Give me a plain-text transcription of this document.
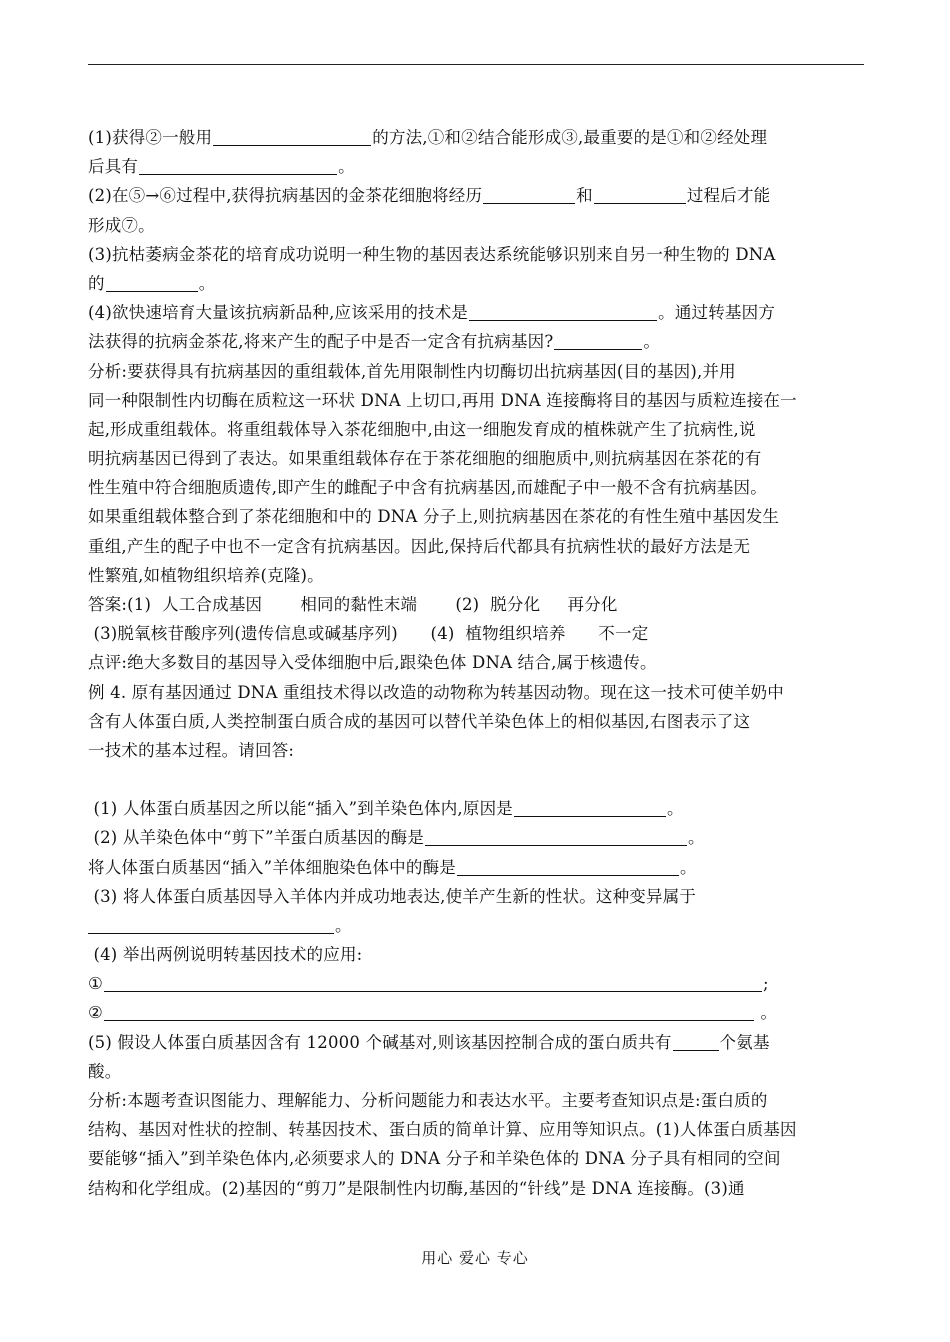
(1)获得②一般用	的方法,①和②结合能形成③,最重要的是①和②经处理
后具有	。
(2)在⑤→⑥过程中,获得抗病基因的金茶花细胞将经历	和	过程后才能
形成⑦。
(3)抗枯萎病金茶花的培育成功说明一种生物的基因表达系统能够识别来自另一种生物的 DNA
的	。
(4)欲快速培育大量该抗病新品种,应该采用的技术是	。通过转基因方
法获得的抗病金茶花,将来产生的配子中是否一定含有抗病基因?	。
分析:要获得具有抗病基因的重组载体,首先用限制性内切酶切出抗病基因(目的基因),并用
同一种限制性内切酶在质粒这一环状 DNA 上切口,再用 DNA 连接酶将目的基因与质粒连接在一
起,形成重组载体。将重组载体导入茶花细胞中,由这一细胞发育成的植株就产生了抗病性,说
明抗病基因已得到了表达。如果重组载体存在于茶花细胞的细胞质中,则抗病基因在茶花的有
性生殖中符合细胞质遗传,即产生的雌配子中含有抗病基因,而雄配子中一般不含有抗病基因。
如果重组载体整合到了茶花细胞和中的 DNA 分子上,则抗病基因在茶花的有性生殖中基因发生
重组,产生的配子中也不一定含有抗病基因。因此,保持后代都具有抗病性状的最好方法是无
性繁殖,如植物组织培养(克隆)。
答案:(1)  人工合成基因       相同的黏性末端       (2)  脱分化     再分化
(3)脱氧核苷酸序列(遗传信息或碱基序列)      (4)  植物组织培养      不一定
点评:绝大多数目的基因导入受体细胞中后,跟染色体 DNA 结合,属于核遗传。
例 4. 原有基因通过 DNA 重组技术得以改造的动物称为转基因动物。现在这一技术可使羊奶中
含有人体蛋白质,人类控制蛋白质合成的基因可以替代羊染色体上的相似基因,右图表示了这
一技术的基本过程。请回答:
(1) 人体蛋白质基因之所以能“插入”到羊染色体内,原因是	。
(2) 从羊染色体中“剪下”羊蛋白质基因的酶是	。
将人体蛋白质基因“插入”羊体细胞染色体中的酶是	。
(3) 将人体蛋白质基因导入羊体内并成功地表达,使羊产生新的性状。这种变异属于
。
(4) 举出两例说明转基因技术的应用:
①	;
②	。
(5) 假设人体蛋白质基因含有 12000 个碱基对,则该基因控制合成的蛋白质共有	个氨基
酸。
分析:本题考查识图能力、理解能力、分析问题能力和表达水平。主要考查知识点是:蛋白质的
结构、基因对性状的控制、转基因技术、蛋白质的简单计算、应用等知识点。(1)人体蛋白质基因
要能够“插入”到羊染色体内,必须要求人的 DNA 分子和羊染色体的 DNA 分子具有相同的空间
结构和化学组成。(2)基因的“剪刀”是限制性内切酶,基因的“针线”是 DNA 连接酶。(3)通
用心 爱心 专心
